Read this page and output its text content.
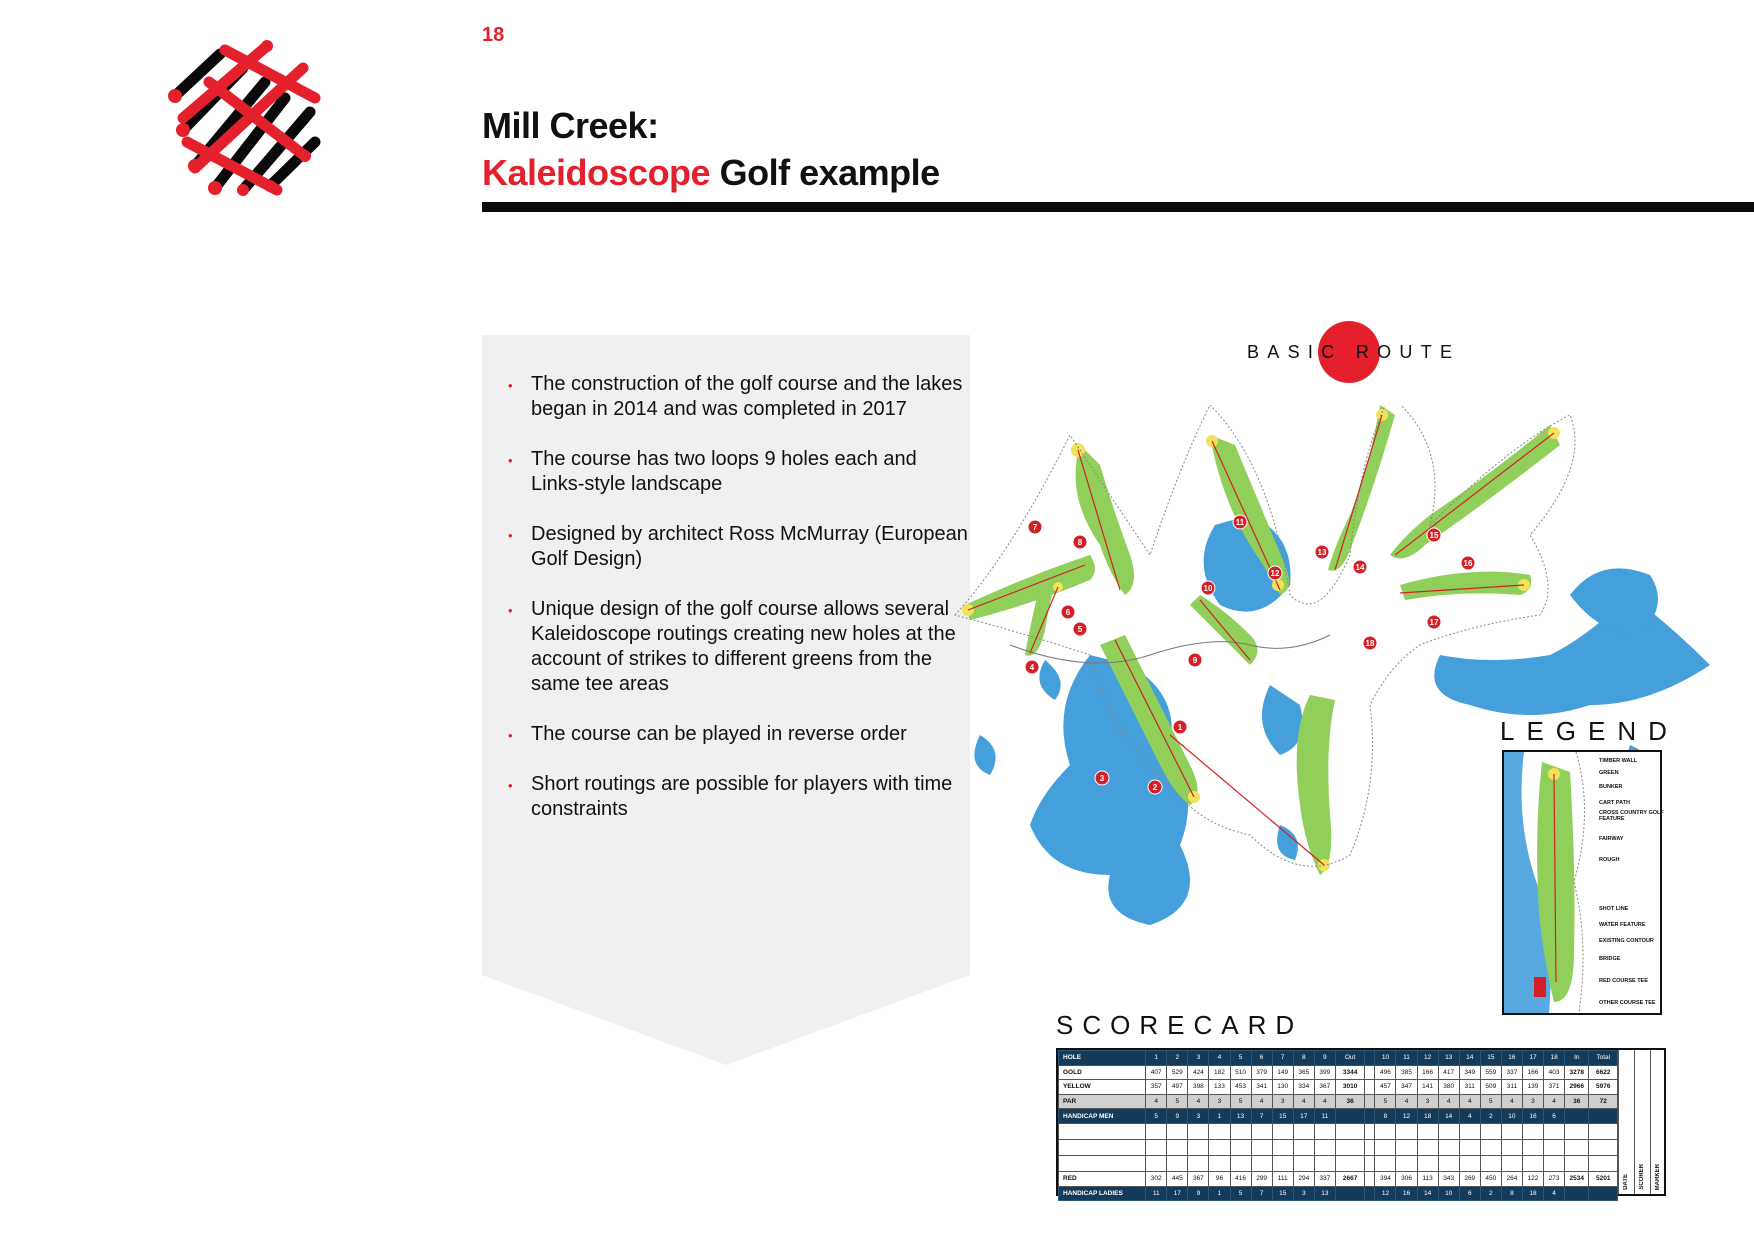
18
Mill Creek:
Kaleidoscope Golf example
• The construction of the golf course and the lakes began in 2014 and was completed in 2017
• The course has two loops 9 holes each and Links-style landscape
• Designed by architect Ross McMurray (European Golf Design)
• Unique design of the golf course allows several Kaleidoscope routings creating new holes at the account of strikes to different greens from the same tee areas
• The course can be played in reverse order
• Short routings are possible for players with time constraints
BASIC ROUTE
1
2
3
4
5
6
7
8
9
10
11
12
13
14
15
16
17
18
LEGEND
TIMBER WALL
GREEN
BUNKER
CART PATH
CROSS COUNTRY GOLF FEATURE
FAIRWAY
ROUGH
SHOT LINE
WATER FEATURE
EXISTING CONTOUR
BRIDGE
RED COURSE TEE
OTHER COURSE TEE
SCORECARD
HOLE	1	2	3	4	5	6	7	8	9	Out		10	11	12	13	14	15	16	17	18	In	Total
GOLD	407	529	424	182	510	379	149	365	399	3344		496	385	166	417	349	559	337	166	403	3278	6622
YELLOW	357	497	398	133	453	341	130	334	367	3010		457	347	141	380	311	509	311	139	371	2966	5976
PAR	4	5	4	3	5	4	3	4	4	36		5	4	3	4	4	5	4	3	4	36	72
HANDICAP MEN	5	9	3	1	13	7	15	17	11			8	12	18	14	4	2	10	16	6		

RED	302	445	367	96	416	299	111	294	337	2667		394	306	113	343	269	450	264	122	273	2534	5201
HANDICAP LADIES	11	17	9	1	5	7	15	3	13			12	16	14	10	6	2	8	18	4		
DATE SCORER MARKER
